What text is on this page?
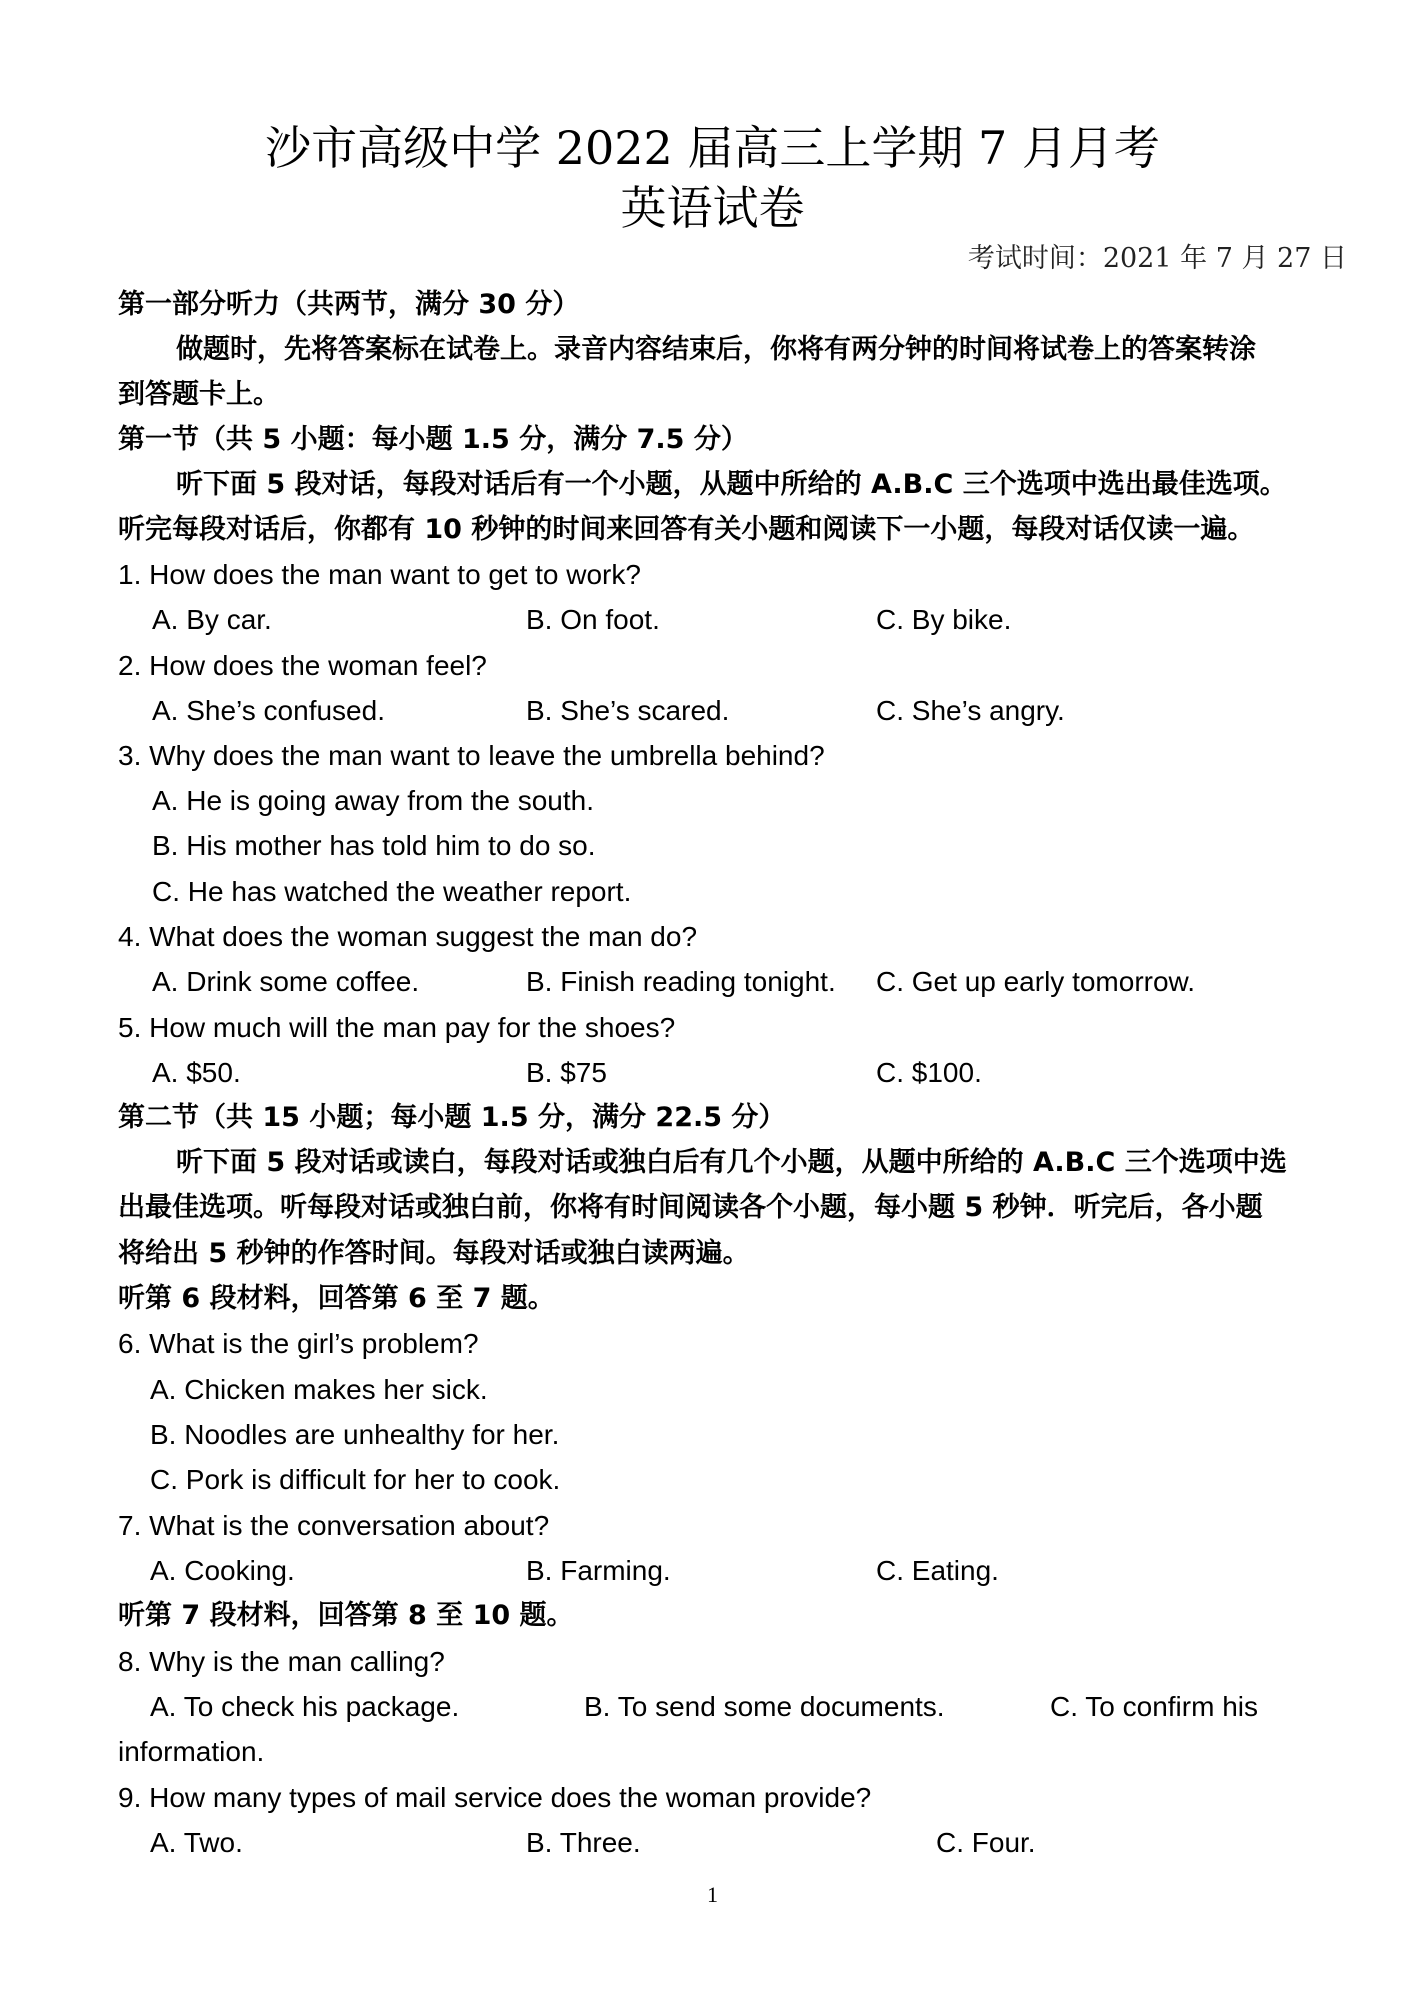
沙市高级中学 2022 届高三上学期 7 月月考
英语试卷
考试时间：2021 年 7 月 27 日
第一部分听力（共两节，满分 30 分）
做题时，先将答案标在试卷上。录音内容结束后，你将有两分钟的时间将试卷上的答案转涂
到答题卡上。
第一节（共 5 小题：每小题 1.5 分，满分 7.5 分）
听下面 5 段对话，每段对话后有一个小题，从题中所给的 A.B.C 三个选项中选出最佳选项。
听完每段对话后，你都有 10 秒钟的时间来回答有关小题和阅读下一小题，每段对话仅读一遍。
1. How does the man want to get to work?
A. By car.	B. On foot.	C. By bike.
2. How does the woman feel?
A. She’s confused.	B. She’s scared.	C. She’s angry.
3. Why does the man want to leave the umbrella behind?
A. He is going away from the south.
B. His mother has told him to do so.
C. He has watched the weather report.
4. What does the woman suggest the man do?
A. Drink some coffee.	B. Finish reading tonight. C. Get up early tomorrow.
5. How much will the man pay for the shoes?
A. $50.	B. $75	C. $100.
第二节（共 15 小题；每小题 1.5 分，满分 22.5 分）
听下面 5 段对话或读白，每段对话或独白后有几个小题，从题中所给的 A.B.C 三个选项中选
出最佳选项。听每段对话或独白前，你将有时间阅读各个小题，每小题 5 秒钟．听完后，各小题
将给出 5 秒钟的作答时间。每段对话或独白读两遍。
听第 6 段材料，回答第 6 至 7 题。
6. What is the girl’s problem?
A. Chicken makes her sick.
B. Noodles are unhealthy for her.
C. Pork is difficult for her to cook.
7. What is the conversation about?
A. Cooking.	B. Farming.	C. Eating.
听第 7 段材料，回答第 8 至 10 题。
8. Why is the man calling?
A. To check his package.	B. To send some documents.	C. To confirm his
information.
9. How many types of mail service does the woman provide?
A. Two.	B. Three.	C. Four.
1
